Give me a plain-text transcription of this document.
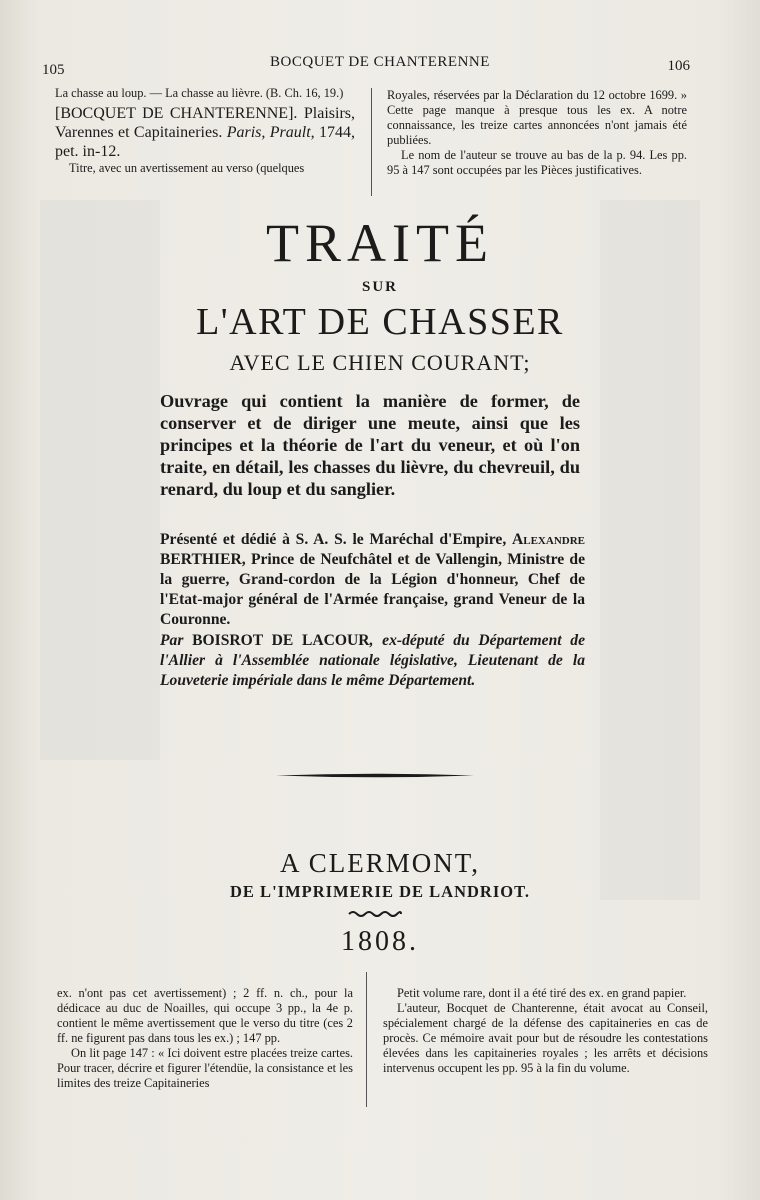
105	BOCQUET DE CHANTERENNE	106

La chasse au loup. — La chasse au lièvre. (B. Ch. 16, 19.)

[BOCQUET DE CHANTERENNE]. Plaisirs, Varennes et Capitaineries. Paris, Prault, 1744, pet. in-12.

Titre, avec un avertissement au verso (quelques

Royales, réservées par la Déclaration du 12 octobre 1699. » Cette page manque à presque tous les ex. A notre connaissance, les treize cartes annoncées n'ont jamais été publiées.

Le nom de l'auteur se trouve au bas de la p. 94. Les pp. 95 à 147 sont occupées par les Pièces justificatives.

TRAITÉ
SUR
L'ART DE CHASSER
AVEC LE CHIEN COURANT;
Ouvrage qui contient la manière de former, de conserver et de diriger une meute, ainsi que les principes et la théorie de l'art du veneur, et où l'on traite, en détail, les chasses du lièvre, du chevreuil, du renard, du loup et du sanglier.
Présenté et dédié à S. A. S. le Maréchal d'Empire, Alexandre BERTHIER, Prince de Neufchâtel et de Vallengin, Ministre de la guerre, Grand-cordon de la Légion d'honneur, Chef de l'Etat-major général de l'Armée française, grand Veneur de la Couronne.
Par BOISROT DE LACOUR, ex-député du Département de l'Allier à l'Assemblée nationale législative, Lieutenant de la Louveterie impériale dans le même Département.
A CLERMONT,
DE L'IMPRIMERIE DE LANDRIOT.
1808.

ex. n'ont pas cet avertissement) ; 2 ff. n. ch., pour la dédicace au duc de Noailles, qui occupe 3 pp., la 4e p. contient le même avertissement que le verso du titre (ces 2 ff. ne figurent pas dans tous les ex.) ; 147 pp.

On lit page 147 : « Ici doivent estre placées treize cartes. Pour tracer, décrire et figurer l'étendüe, la consistance et les limites des treize Capitaineries

Petit volume rare, dont il a été tiré des ex. en grand papier.

L'auteur, Bocquet de Chanterenne, était avocat au Conseil, spécialement chargé de la défense des capitaineries en cas de procès. Ce mémoire avait pour but de résoudre les contestations élevées dans les capitaineries royales ; les arrêts et décisions intervenus occupent les pp. 95 à la fin du volume.
